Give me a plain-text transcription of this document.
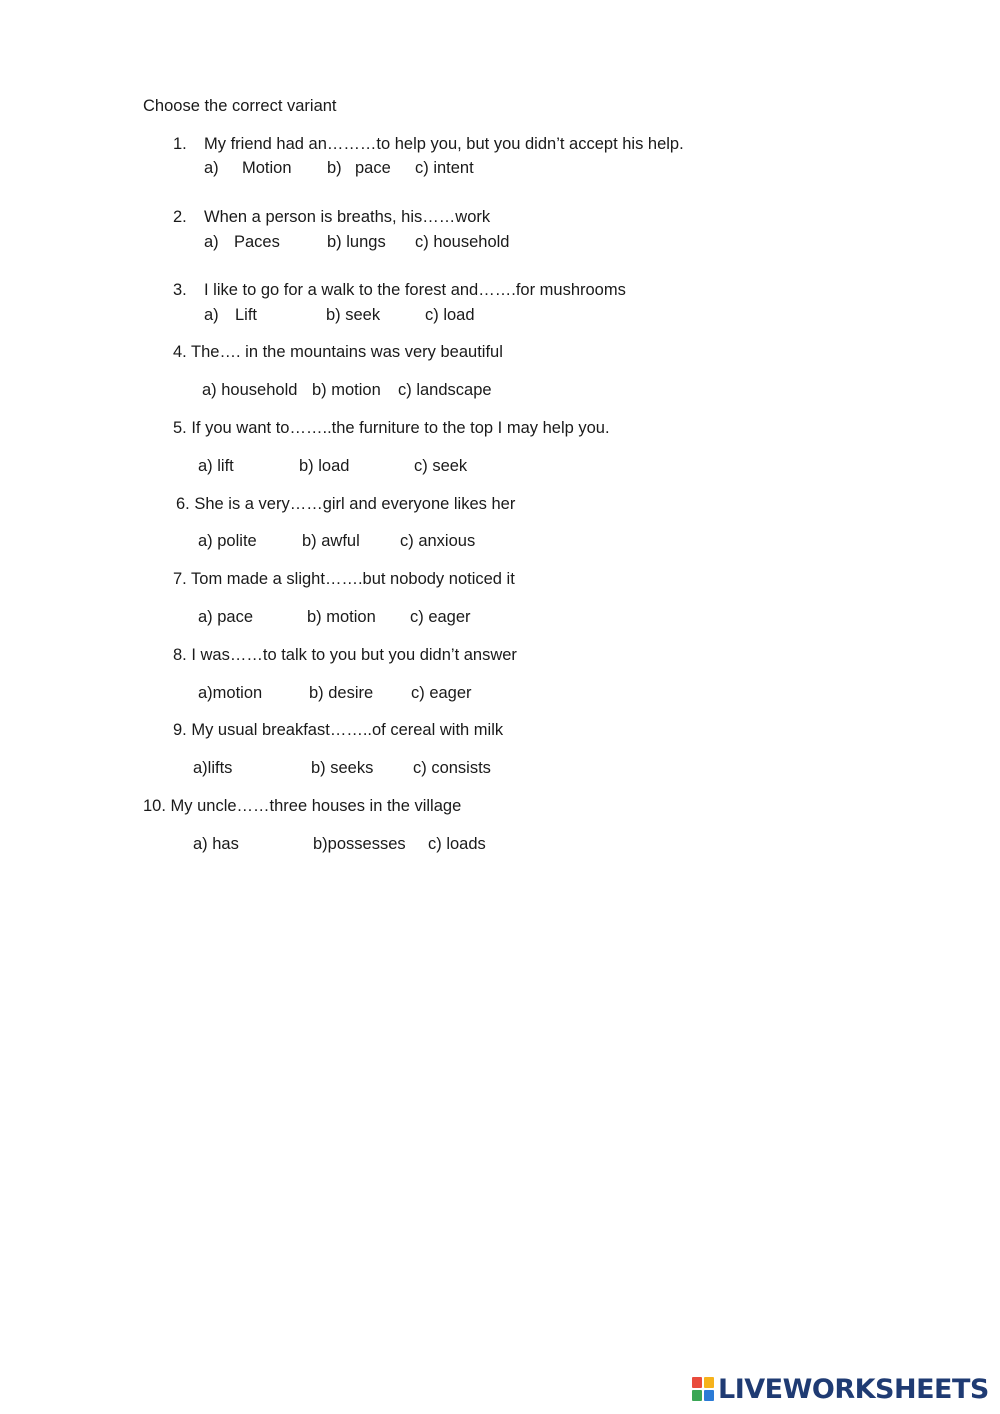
Choose the correct variant
1. My friend had an………to help you, but you didn’t accept his help.
a) Motion b) pace c) intent
2. When a person is breaths, his……work
a) Paces	b) lungs c) household
3. I like to go for a walk to the forest and…….for mushrooms
a) Lift	b) seek	c) load
4. The…. in the mountains was very beautiful
a) household b) motion c) landscape
5. If you want to……..the furniture to the top I may help you.
a) lift	b) load	c) seek
6. She is a very……girl and everyone likes her
a) polite	b) awful c) anxious
7. Tom made a slight…….but nobody noticed it
a) pace	b) motion c) eager
8. I was……to talk to you but you didn’t answer
a)motion	b) desire c) eager
9. My usual breakfast……..of cereal with milk
a)lifts	b) seeks c) consists
10. My uncle……three houses in the village
a) has	b)possesses c) loads
LIVEWORKSHEETS
